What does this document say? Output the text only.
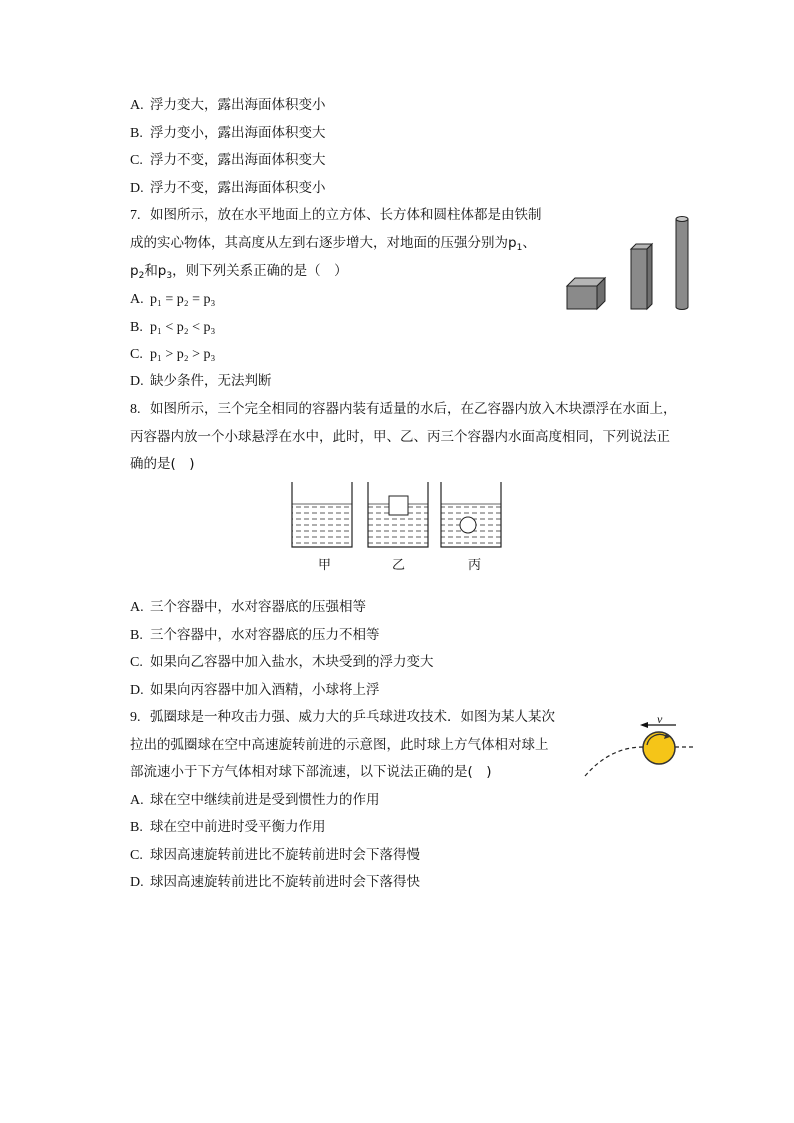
A. 浮力变大，露出海面体积变小
B. 浮力变小，露出海面体积变大
C. 浮力不变，露出海面体积变大
D. 浮力不变，露出海面体积变小
7. 如图所示，放在水平地面上的立方体、长方体和圆柱体都是由铁制
成的实心物体，其高度从左到右逐步增大，对地面的压强分别为$p_1$、
$p_2$和$p_3$，则下列关系正确的是（　）
A. p₁ = p₂ = p₃
B. p₁ < p₂ < p₃
C. p₁ > p₂ > p₃
D. 缺少条件，无法判断
8. 如图所示，三个完全相同的容器内装有适量的水后，在乙容器内放入木块漂浮在水面上，
丙容器内放一个小球悬浮在水中，此时，甲、乙、丙三个容器内水面高度相同，下列说法正
确的是(　)
甲	乙	丙
A. 三个容器中，水对容器底的压强相等
B. 三个容器中，水对容器底的压力不相等
C. 如果向乙容器中加入盐水，木块受到的浮力变大
D. 如果向丙容器中加入酒精，小球将上浮
9. 弧圈球是一种攻击力强、威力大的乒乓球进攻技术．如图为某人某次
拉出的弧圈球在空中高速旋转前进的示意图，此时球上方气体相对球上
部流速小于下方气体相对球下部流速，以下说法正确的是(　)
v
A. 球在空中继续前进是受到惯性力的作用
B. 球在空中前进时受平衡力作用
C. 球因高速旋转前进比不旋转前进时会下落得慢
D. 球因高速旋转前进比不旋转前进时会下落得快
